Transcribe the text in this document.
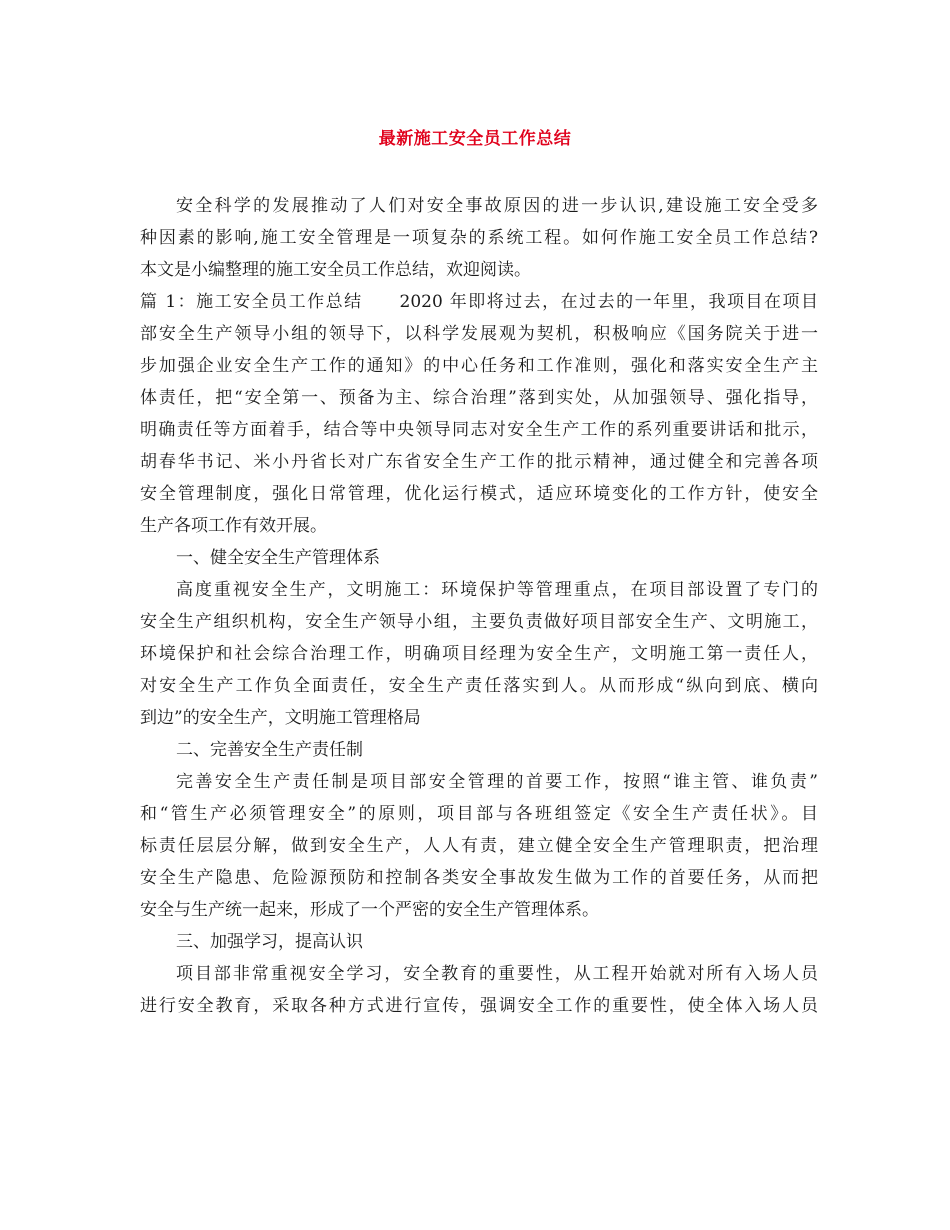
最新施工安全员工作总结
安全科学的发展推动了人们对安全事故原因的进一步认识,建设施工安全受多
种因素的影响,施工安全管理是一项复杂的系统工程。如何作施工安全员工作总结?
本文是小编整理的施工安全员工作总结，欢迎阅读。
篇 1：施工安全员工作总结　　2020 年即将过去，在过去的一年里，我项目在项目
部安全生产领导小组的领导下，以科学发展观为契机，积极响应《国务院关于进一
步加强企业安全生产工作的通知》的中心任务和工作准则，强化和落实安全生产主
体责任，把“安全第一、预备为主、综合治理”落到实处，从加强领导、强化指导，
明确责任等方面着手，结合等中央领导同志对安全生产工作的系列重要讲话和批示，
胡春华书记、米小丹省长对广东省安全生产工作的批示精神，通过健全和完善各项
安全管理制度，强化日常管理，优化运行模式，适应环境变化的工作方针，使安全
生产各项工作有效开展。
一、健全安全生产管理体系
高度重视安全生产，文明施工：环境保护等管理重点，在项目部设置了专门的
安全生产组织机构，安全生产领导小组，主要负责做好项目部安全生产、文明施工，
环境保护和社会综合治理工作，明确项目经理为安全生产，文明施工第一责任人，
对安全生产工作负全面责任，安全生产责任落实到人。从而形成“纵向到底、横向
到边”的安全生产，文明施工管理格局
二、完善安全生产责任制
完善安全生产责任制是项目部安全管理的首要工作，按照“谁主管、谁负责”
和“管生产必须管理安全”的原则，项目部与各班组签定《安全生产责任状》。目
标责任层层分解，做到安全生产，人人有责，建立健全安全生产管理职责，把治理
安全生产隐患、危险源预防和控制各类安全事故发生做为工作的首要任务，从而把
安全与生产统一起来，形成了一个严密的安全生产管理体系。
三、加强学习，提高认识
项目部非常重视安全学习，安全教育的重要性，从工程开始就对所有入场人员
进行安全教育，采取各种方式进行宣传，强调安全工作的重要性，使全体入场人员
